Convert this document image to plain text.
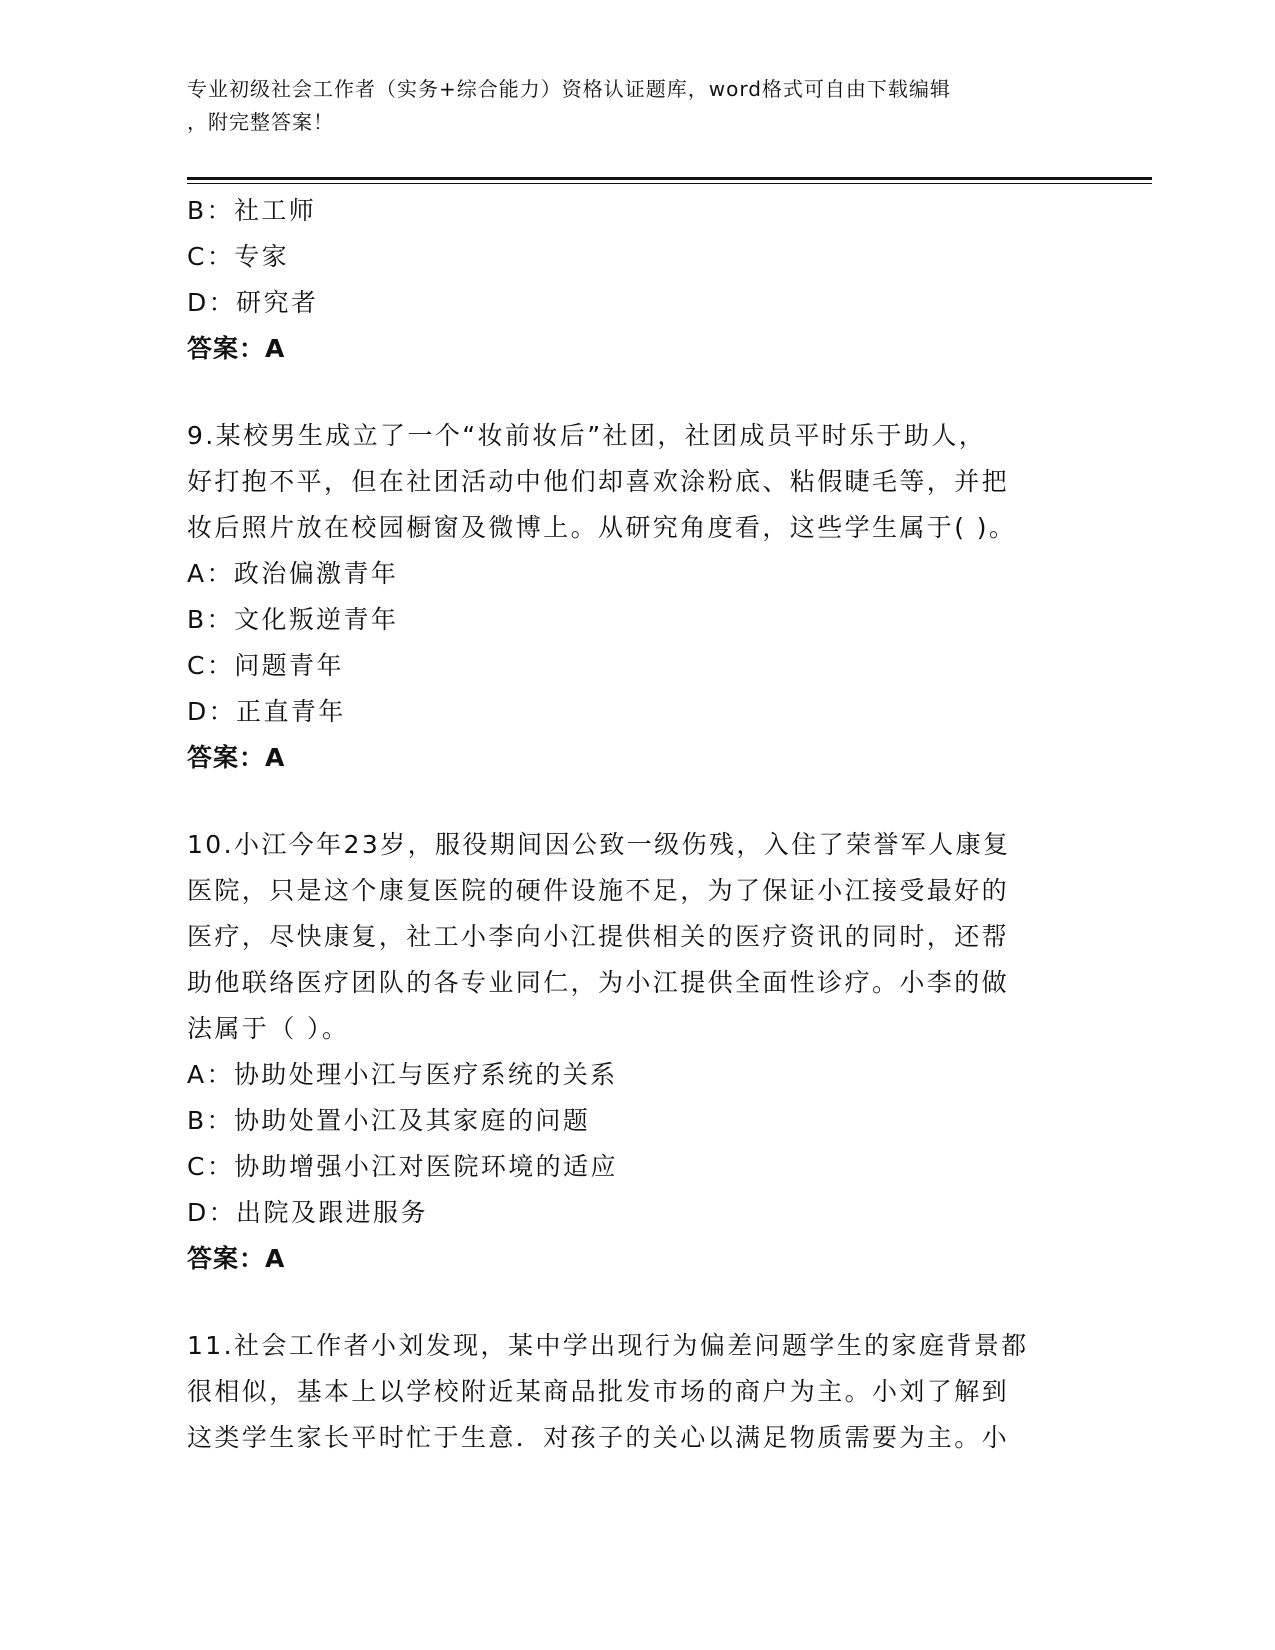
专业初级社会工作者（实务+综合能力）资格认证题库，word格式可自由下载编辑
，附完整答案！
B：社工师
C：专家
D：研究者
答案：A
9.某校男生成立了一个“妆前妆后”社团，社团成员平时乐于助人，
好打抱不平，但在社团活动中他们却喜欢涂粉底、粘假睫毛等，并把
妆后照片放在校园橱窗及微博上。从研究角度看，这些学生属于( )。
A：政治偏激青年
B：文化叛逆青年
C：问题青年
D：正直青年
答案：A
10.小江今年23岁，服役期间因公致一级伤残，入住了荣誉军人康复
医院，只是这个康复医院的硬件设施不足，为了保证小江接受最好的
医疗，尽快康复，社工小李向小江提供相关的医疗资讯的同时，还帮
助他联络医疗团队的各专业同仁，为小江提供全面性诊疗。小李的做
法属于（ ）。
A：协助处理小江与医疗系统的关系
B：协助处置小江及其家庭的问题
C：协助增强小江对医院环境的适应
D：出院及跟进服务
答案：A
11.社会工作者小刘发现，某中学出现行为偏差问题学生的家庭背景都
很相似，基本上以学校附近某商品批发市场的商户为主。小刘了解到
这类学生家长平时忙于生意．对孩子的关心以满足物质需要为主。小
